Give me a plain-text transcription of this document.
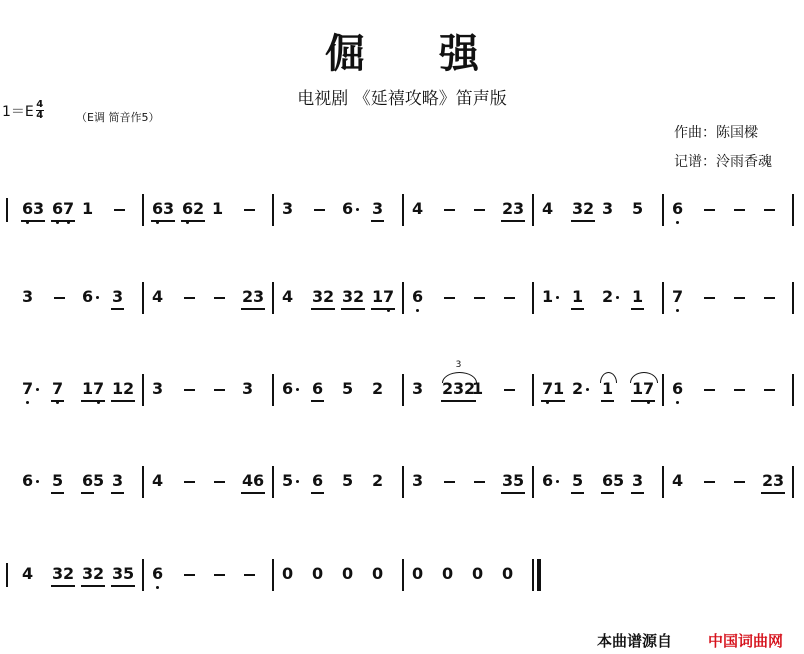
倔 强
电视剧 《延禧攻略》笛声版
$1=E \frac{4}{4}$	（E调 简音作5）
作曲：陈国樑
记谱：泠雨香魂
6 3 6 7 1	6 3 6 2 1	3	6 3 4	2 3 4 3 2 3 5 6
3	6 3 4	2 3 4 3 2 3 2 1 7 6	1 1 2 1 7
7 7 1 7 1 2 3	3 6 6 5 2 3 2 3 2
3
1	7 1 2 1 1 7 6
6 5 6 5 3 4	4 6 5 6 5 2 3	3 5 6 5 6 5 3 4	2 3
4 3 2 3 2 3 5 6	0 0 0 0 0 0 0 0
本曲谱源自 中国词曲网
